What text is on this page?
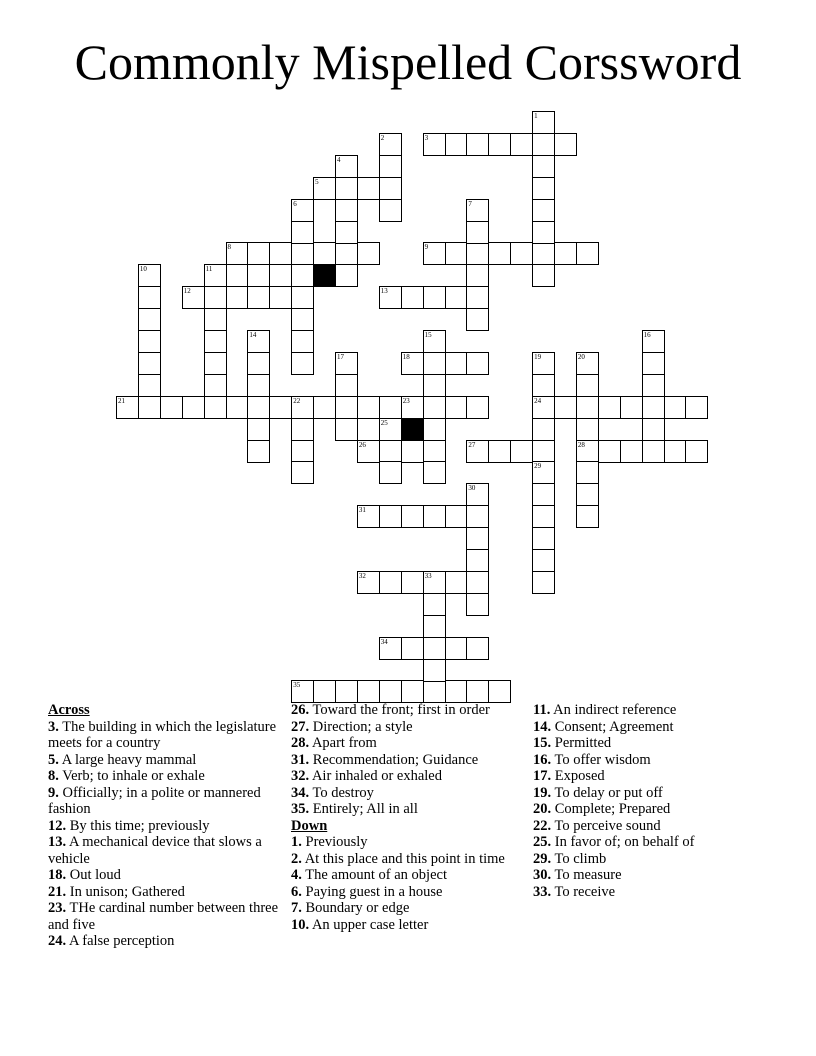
Commonly Mispelled Corssword
3
5
8	9
11
12	13
18
21	22	23	24
26	27	28
31
32	33
34
35
1
2
4
6	7
10
14	15	16
17	19	20
25
29
30
Across
3. The building in which the legislature meets for a country
5. A large heavy mammal
8. Verb; to inhale or exhale
9. Officially; in a polite or mannered fashion
12. By this time; previously
13. A mechanical device that slows a vehicle
18. Out loud
21. In unison; Gathered
23. THe cardinal number between three and five
24. A false perception
26. Toward the front; first in order
27. Direction; a style
28. Apart from
31. Recommendation; Guidance
32. Air inhaled or exhaled
34. To destroy
35. Entirely; All in all
Down
1. Previously
2. At this place and this point in time
4. The amount of an object
6. Paying guest in a house
7. Boundary or edge
10. An upper case letter
11. An indirect reference
14. Consent; Agreement
15. Permitted
16. To offer wisdom
17. Exposed
19. To delay or put off
20. Complete; Prepared
22. To perceive sound
25. In favor of; on behalf of
29. To climb
30. To measure
33. To receive
